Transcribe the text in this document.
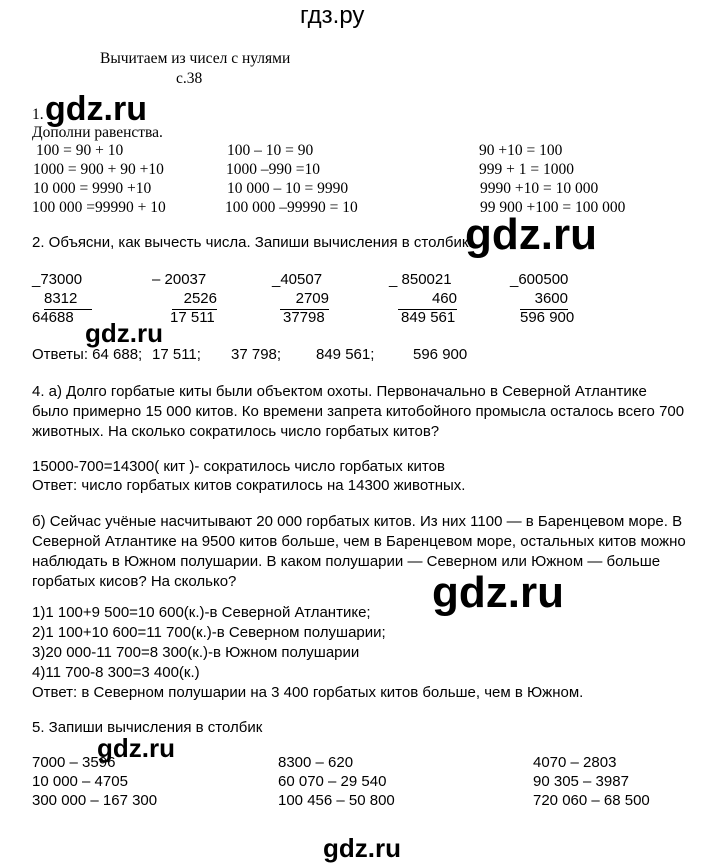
гдз.ру
Вычитаем из чисел с нулями
с.38
gdz.ru
gdz.ru
gdz.ru
gdz.ru
gdz.ru
gdz.ru
1.
Дополни равенства.
100 = 90 + 10	100 – 10 = 90	90 +10 = 100
1000 = 900 + 90 +10	1000 –990 =10	999 + 1 = 1000
10 000 = 9990 +10	10 000 – 10 = 9990	9990 +10 = 10 000
100 000 =99990 + 10	100 000 –99990 = 10	99 900 +100 = 100 000
2. Объясни, как вычесть числа. Запиши вычисления в столбик.
_73000
8312
64688
– 20037
2526
17 511
_40507
2709
37798
_ 850021
460
849 561
_600500
3600
596 900
Ответы: 64 688; 17 511; 37 798; 849 561;	596 900
4. а) Долго горбатые киты были объектом охоты. Первоначально в Северной Атлантике
было примерно 15 000 китов. Ко времени запрета китобойного промысла осталось всего 700
животных. На сколько сократилось число горбатых китов?
15000-700=14300( кит )- сократилось число горбатых китов
Ответ: число горбатых китов сократилось на 14300 животных.
б) Сейчас учёные насчитывают 20 000 горбатых китов. Из них 1100 — в Баренцевом море. В
Северной Атлантике на 9500 китов больше, чем в Баренцевом море, остальных китов можно
наблюдать в Южном полушарии. В каком полушарии — Северном или Южном — больше
горбатых кисов? На сколько?
1)1 100+9 500=10 600(к.)-в Северной Атлантике;
2)1 100+10 600=11 700(к.)-в Северном полушарии;
3)20 000-11 700=8 300(к.)-в Южном полушарии
4)11 700-8 300=3 400(к.)
Ответ: в Северном полушарии на 3 400 горбатых китов больше, чем в Южном.
5. Запиши вычисления в столбик
7000 – 3596	8300 – 620	4070 – 2803
10 000 – 4705	60 070 – 29 540	90 305 – 3987
300 000 – 167 300	100 456 – 50 800	720 060 – 68 500
